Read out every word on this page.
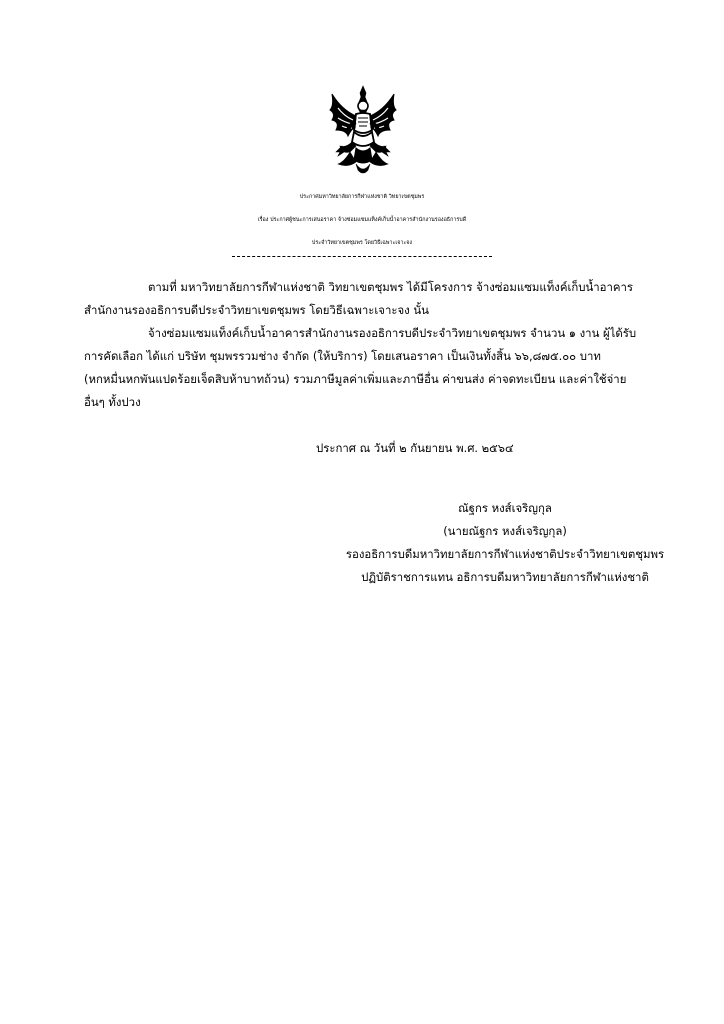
ประกาศมหาวิทยาลัยการกีฬาแห่งชาติ วิทยาเขตชุมพร
เรื่อง ประกาศผู้ชนะการเสนอราคา จ้างซ่อมแซมแท็งค์เก็บน้ำอาคารสำนักงานรองอธิการบดี
ประจำวิทยาเขตชุมพร โดยวิธีเฉพาะเจาะจง
ตามที่ มหาวิทยาลัยการกีฬาแห่งชาติ วิทยาเขตชุมพร ได้มีโครงการ จ้างซ่อมแซมแท็งค์เก็บน้ำอาคาร
สำนักงานรองอธิการบดีประจำวิทยาเขตชุมพร โดยวิธีเฉพาะเจาะจง นั้น
จ้างซ่อมแซมแท็งค์เก็บน้ำอาคารสำนักงานรองอธิการบดีประจำวิทยาเขตชุมพร จำนวน ๑ งาน ผู้ได้รับ
การคัดเลือก ได้แก่ บริษัท ชุมพรรวมช่าง จำกัด (ให้บริการ) โดยเสนอราคา เป็นเงินทั้งสิ้น ๖๖,๘๗๕.๐๐ บาท
(หกหมื่นหกพันแปดร้อยเจ็ดสิบห้าบาทถ้วน) รวมภาษีมูลค่าเพิ่มและภาษีอื่น ค่าขนส่ง ค่าจดทะเบียน และค่าใช้จ่าย
อื่นๆ ทั้งปวง
ประกาศ ณ วันที่ ๒ กันยายน พ.ศ. ๒๕๖๔
ณัฐกร หงส์เจริญกุล
(นายณัฐกร หงส์เจริญกุล)
รองอธิการบดีมหาวิทยาลัยการกีฬาแห่งชาติประจำวิทยาเขตชุมพร
ปฏิบัติราชการแทน อธิการบดีมหาวิทยาลัยการกีฬาแห่งชาติ
